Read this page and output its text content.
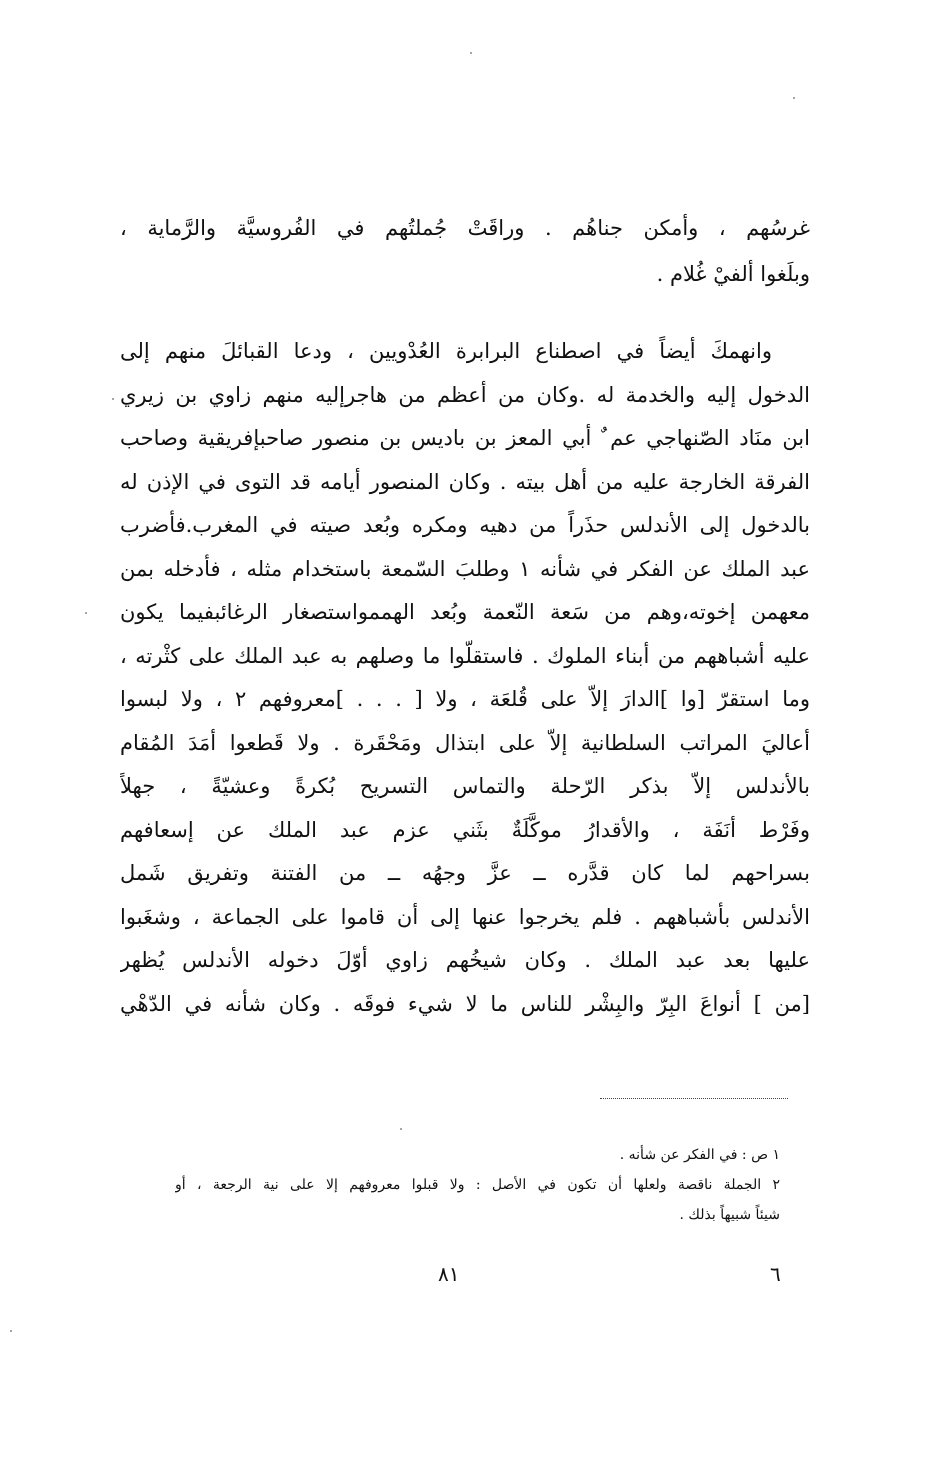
غرسُهم ، وأمكن جناهُم . وراقَتْ جُملتُهم في الفُروسيَّة والرَّماية ،
وبلَغوا ألفيْ غُلام .
وانهمكَ أيضاً في اصطناع البرابرة العُدْويين ، ودعا القبائلَ منهم إلى
الدخول إليه والخدمة له .وكان من أعظم من هاجرإليه منهم زاوي بن زيري
ابن منَاد الصّنهاجي عم ٌ أبي المعز بن باديس بن منصور صاحبإفريقية وصاحب
الفرقة الخارجة عليه من أهل بيته . وكان المنصور أيامه قد التوى في الإذن له
بالدخول إلى الأندلس حذَراً من دهيه ومكره وبُعد صيته في المغرب.فأضرب
عبد الملك عن الفكر في شأنه ١ وطلبَ السّمعة باستخدام مثله ، فأدخله بمن
معهمن إخوته،وهم من سَعة النّعمة وبُعد الهممواستصغار الرغائبفيما يكون
عليه أشباههم من أبناء الملوك . فاستقلّوا ما وصلهم به عبد الملك على كثْرته ،
وما استقرّ [وا ]الدارَ إلاّ على قُلعَة ، ولا [ . . . ]معروفهم ٢ ، ولا لبسوا
أعاليَ المراتب السلطانية إلاّ على ابتذال ومَحْقَرة . ولا قَطعوا أمَدَ المُقام
بالأندلس إلاّ بذكر الرّحلة والتماس التسريح بُكرةً وعشيّةً ، جهلاً
وفَرْط أنَفَة ، والأقدارُ موكَّلَةٌ بثَني عزم عبد الملك عن إسعافهم
بسراحهم لما كان قدَّره ــ عزَّ وجهُه ــ من الفتنة وتفريق شَمل
الأندلس بأشباههم . فلم يخرجوا عنها إلى أن قاموا على الجماعة ، وشغَبوا
عليها بعد عبد الملك . وكان شيخُهم زاوي أوّلَ دخوله الأندلس يُظهر
[من ] أنواعَ البِرّ والبِشْر للناس ما لا شيء فوقَه . وكان شأنه في الدّهْي
١ ص : في الفكر عن شأنه .
٢ الجملة ناقصة ولعلها أن تكون في الأصل : ولا قبلوا معروفهم إلا على نية الرجعة ، أو
شيئاً شبيهاً بذلك .
٨١	٦
